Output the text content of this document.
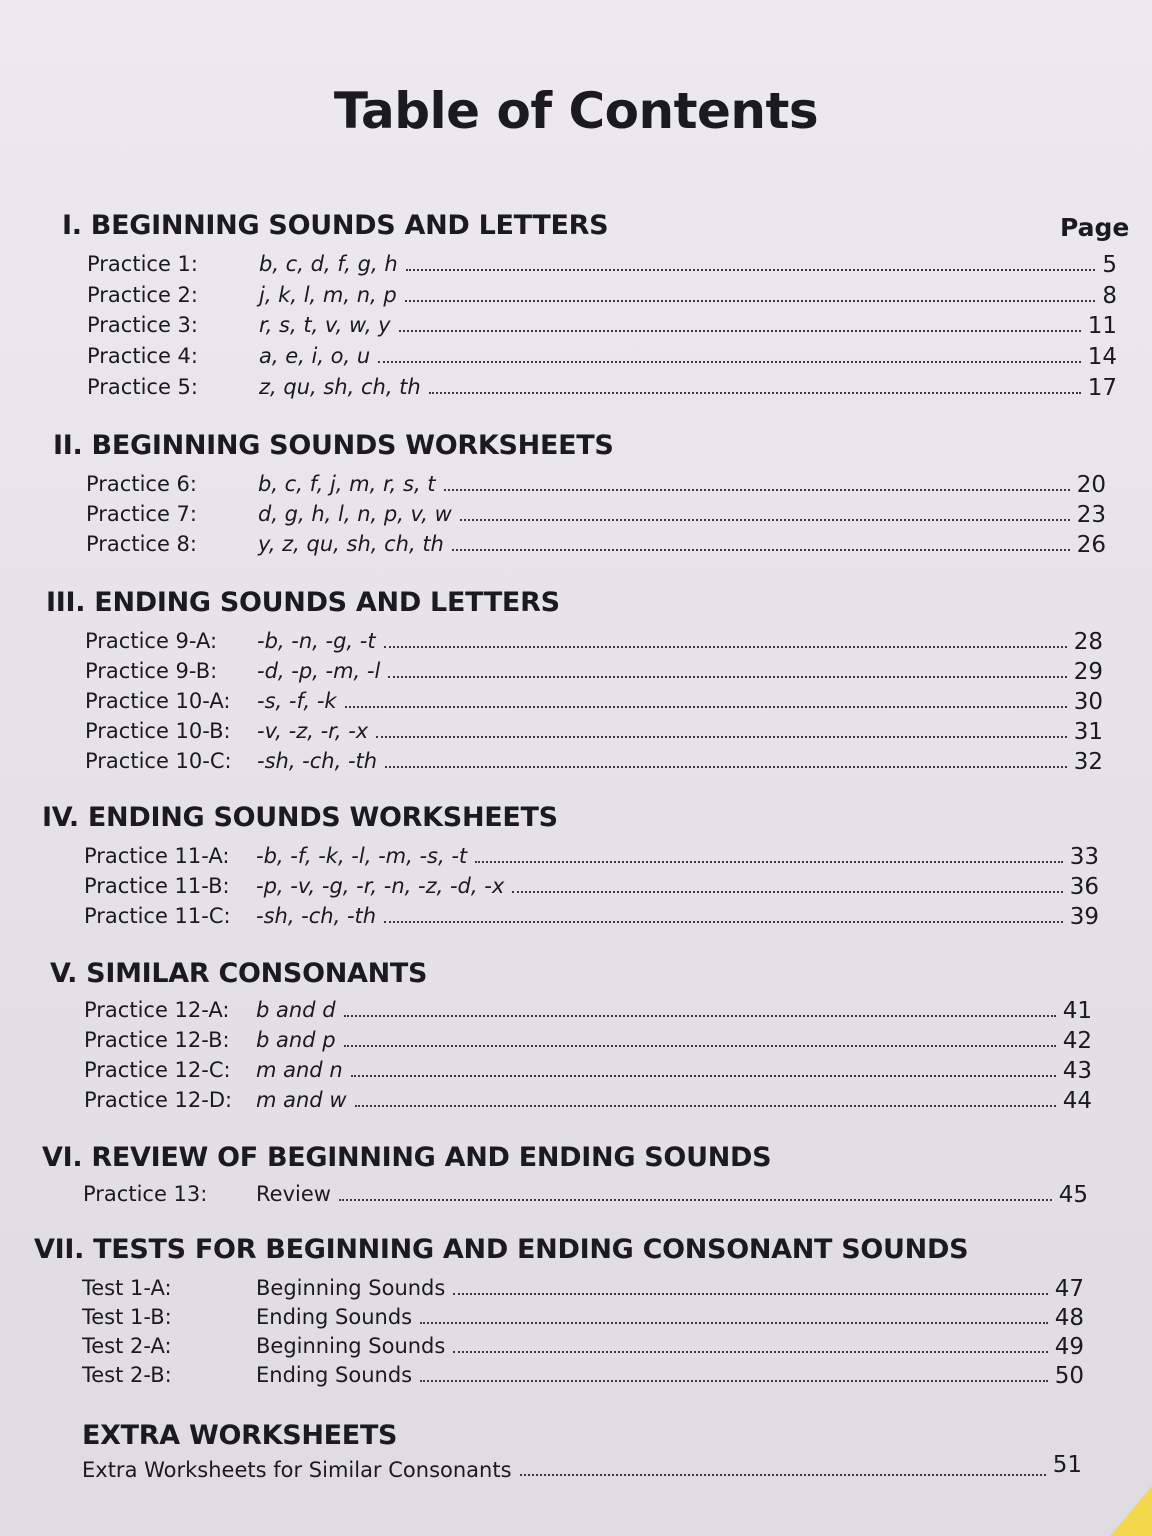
Table of Contents
Page
I. BEGINNING SOUNDS AND LETTERS
Practice 1:	b, c, d, f, g, h	5
Practice 2:	j, k, l, m, n, p	8
Practice 3:	r, s, t, v, w, y	11
Practice 4:	a, e, i, o, u	14
Practice 5:	z, qu, sh, ch, th	17
II. BEGINNING SOUNDS WORKSHEETS
Practice 6:	b, c, f, j, m, r, s, t	20
Practice 7:	d, g, h, l, n, p, v, w	23
Practice 8:	y, z, qu, sh, ch, th	26
III. ENDING SOUNDS AND LETTERS
Practice 9-A: -b, -n, -g, -t	28
Practice 9-B: -d, -p, -m, -l	29
Practice 10-A: -s, -f, -k	30
Practice 10-B: -v, -z, -r, -x	31
Practice 10-C: -sh, -ch, -th	32
IV. ENDING SOUNDS WORKSHEETS
Practice 11-A: -b, -f, -k, -l, -m, -s, -t	33
Practice 11-B: -p, -v, -g, -r, -n, -z, -d, -x	36
Practice 11-C: -sh, -ch, -th	39
V. SIMILAR CONSONANTS
Practice 12-A: b and d	41
Practice 12-B: b and p	42
Practice 12-C: m and n	43
Practice 12-D: m and w	44
VI. REVIEW OF BEGINNING AND ENDING SOUNDS
Practice 13: Review	45
VII. TESTS FOR BEGINNING AND ENDING CONSONANT SOUNDS
Test 1-A:	Beginning Sounds	47
Test 1-B:	Ending Sounds	48
Test 2-A:	Beginning Sounds	49
Test 2-B:	Ending Sounds	50
EXTRA WORKSHEETS
Extra Worksheets for Similar Consonants	51
